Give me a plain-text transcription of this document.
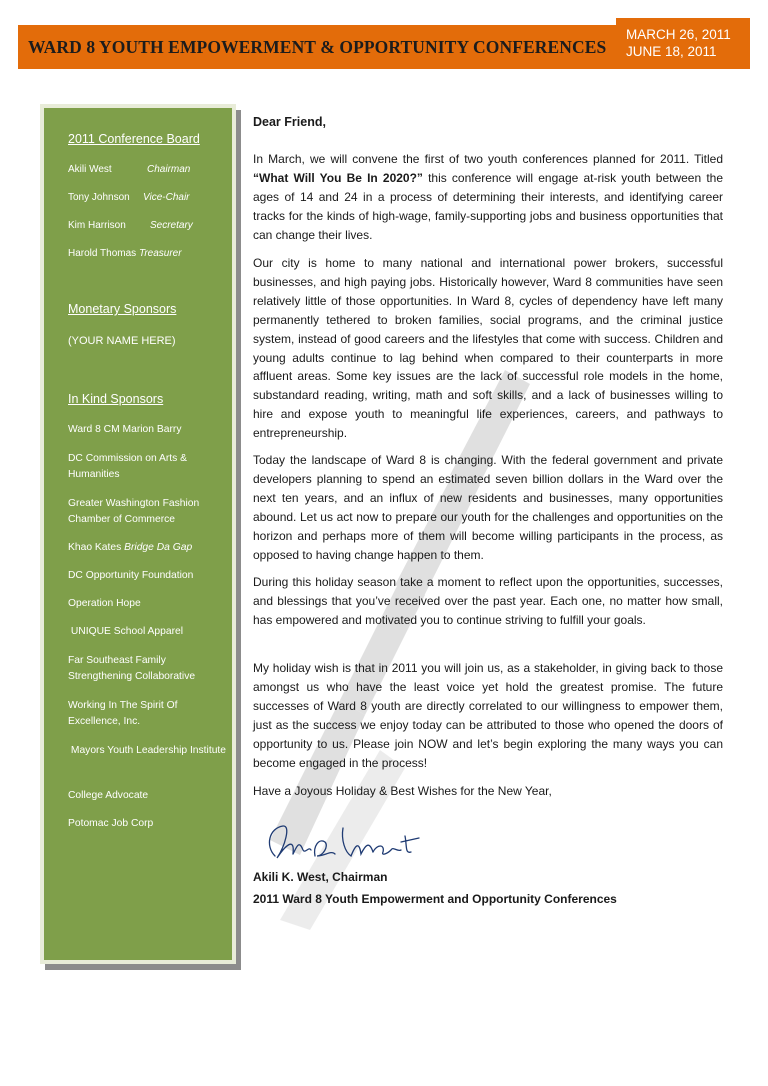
WARD 8 YOUTH EMPOWERMENT & OPPORTUNITY CONFERENCES
MARCH 26, 2011
JUNE 18, 2011
2011 Conference Board
Akili West	Chairman
Tony Johnson Vice-Chair
Kim Harrison Secretary
Harold Thomas Treasurer
Monetary Sponsors
(YOUR NAME HERE)
In Kind Sponsors
Ward 8 CM Marion Barry
DC Commission on Arts & Humanities
Greater Washington Fashion Chamber of Commerce
Khao Kates Bridge Da Gap
DC Opportunity Foundation
Operation Hope
UNIQUE School Apparel
Far Southeast Family Strengthening Collaborative
Working In The Spirit Of Excellence, Inc.
Mayors Youth Leadership Institute
College Advocate
Potomac Job Corp
Dear Friend,
In March, we will convene the first of two youth conferences planned for 2011. Titled “What Will You Be In 2020?” this conference will engage at-risk youth between the ages of 14 and 24 in a process of determining their interests, and identifying career tracks for the kinds of high-wage, family-supporting jobs and business opportunities that can change their lives.
Our city is home to many national and international power brokers, successful businesses, and high paying jobs. Historically however, Ward 8 communities have seen relatively little of those opportunities. In Ward 8, cycles of dependency have left many permanently tethered to broken families, social programs, and the criminal justice system, instead of good careers and the lifestyles that come with success. Children and young adults continue to lag behind when compared to their counterparts in more affluent areas. Some key issues are the lack of successful role models in the home, substandard reading, writing, math and soft skills, and a lack of businesses willing to hire and expose youth to meaningful life experiences, careers, and pathways to entrepreneurship.
Today the landscape of Ward 8 is changing. With the federal government and private developers planning to spend an estimated seven billion dollars in the Ward over the next ten years, and an influx of new residents and businesses, many opportunities abound. Let us act now to prepare our youth for the challenges and opportunities on the horizon and perhaps more of them will become willing participants in the process, as opposed to having change happen to them.
During this holiday season take a moment to reflect upon the opportunities, successes, and blessings that you’ve received over the past year. Each one, no matter how small, has empowered and motivated you to continue striving to fulfill your goals.
My holiday wish is that in 2011 you will join us, as a stakeholder, in giving back to those amongst us who have the least voice yet hold the greatest promise. The future successes of Ward 8 youth are directly correlated to our willingness to empower them, just as the success we enjoy today can be attributed to those who opened the doors of opportunity to us. Please join NOW and let’s begin exploring the many ways you can become engaged in the process!
Have a Joyous Holiday & Best Wishes for the New Year,
Akili K. West, Chairman
2011 Ward 8 Youth Empowerment and Opportunity Conferences
